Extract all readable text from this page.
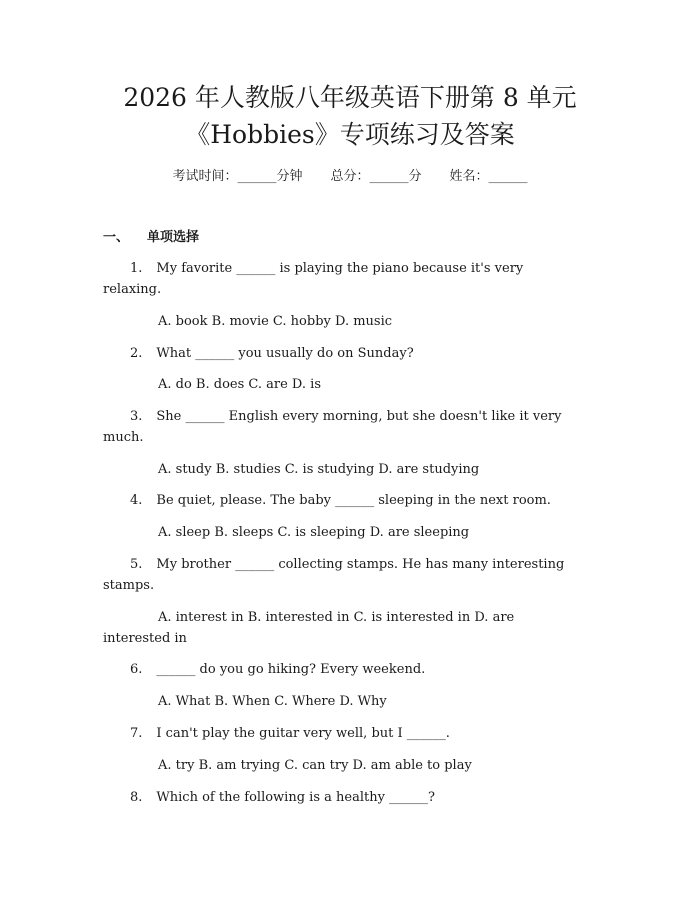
2026 年人教版八年级英语下册第 8 单元
《Hobbies》专项练习及答案
考试时间：______分钟 总分：______分 姓名：______
一、 单项选择
1. My favorite ______ is playing the piano because it's very relaxing.
A. book B. movie C. hobby D. music
2. What ______ you usually do on Sunday?
A. do B. does C. are D. is
3. She ______ English every morning, but she doesn't like it very much.
A. study B. studies C. is studying D. are studying
4. Be quiet, please. The baby ______ sleeping in the next room.
A. sleep B. sleeps C. is sleeping D. are sleeping
5. My brother ______ collecting stamps. He has many interesting stamps.
A. interest in B. interested in C. is interested in D. are interested in
6. ______ do you go hiking? Every weekend.
A. What B. When C. Where D. Why
7. I can't play the guitar very well, but I ______.
A. try B. am trying C. can try D. am able to play
8. Which of the following is a healthy ______?
